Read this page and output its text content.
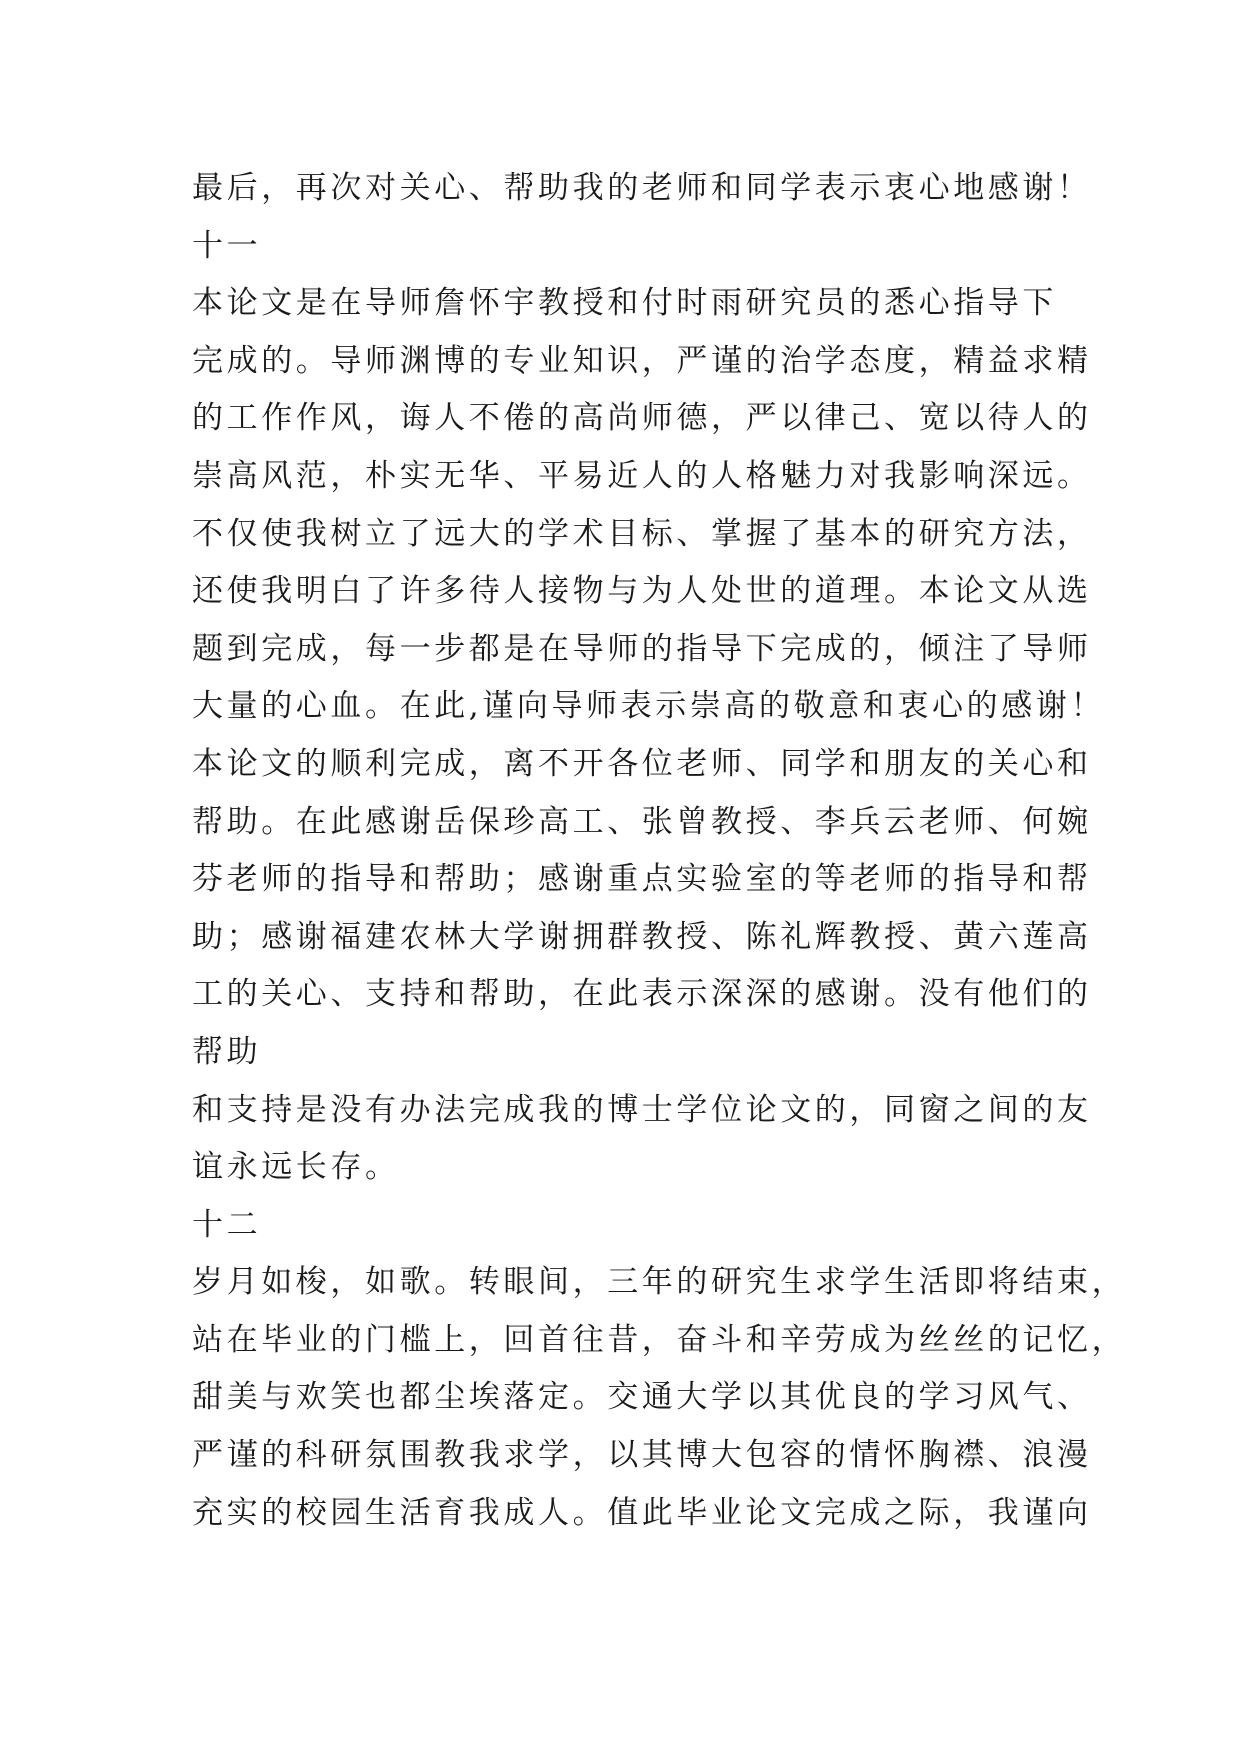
最后，再次对关心、帮助我的老师和同学表示衷心地感谢！
十一
本论文是在导师詹怀宇教授和付时雨研究员的悉心指导下
完成的。导师渊博的专业知识，严谨的治学态度，精益求精
的工作作风，诲人不倦的高尚师德，严以律己、宽以待人的
崇高风范，朴实无华、平易近人的人格魅力对我影响深远。
不仅使我树立了远大的学术目标、掌握了基本的研究方法，
还使我明白了许多待人接物与为人处世的道理。本论文从选
题到完成，每一步都是在导师的指导下完成的，倾注了导师
大量的心血。在此,谨向导师表示崇高的敬意和衷心的感谢！
本论文的顺利完成，离不开各位老师、同学和朋友的关心和
帮助。在此感谢岳保珍高工、张曾教授、李兵云老师、何婉
芬老师的指导和帮助；感谢重点实验室的等老师的指导和帮
助；感谢福建农林大学谢拥群教授、陈礼辉教授、黄六莲高
工的关心、支持和帮助，在此表示深深的感谢。没有他们的
帮助
和支持是没有办法完成我的博士学位论文的，同窗之间的友
谊永远长存。
十二
岁月如梭，如歌。转眼间，三年的研究生求学生活即将结束，
站在毕业的门槛上，回首往昔，奋斗和辛劳成为丝丝的记忆，
甜美与欢笑也都尘埃落定。交通大学以其优良的学习风气、
严谨的科研氛围教我求学，以其博大包容的情怀胸襟、浪漫
充实的校园生活育我成人。值此毕业论文完成之际，我谨向
